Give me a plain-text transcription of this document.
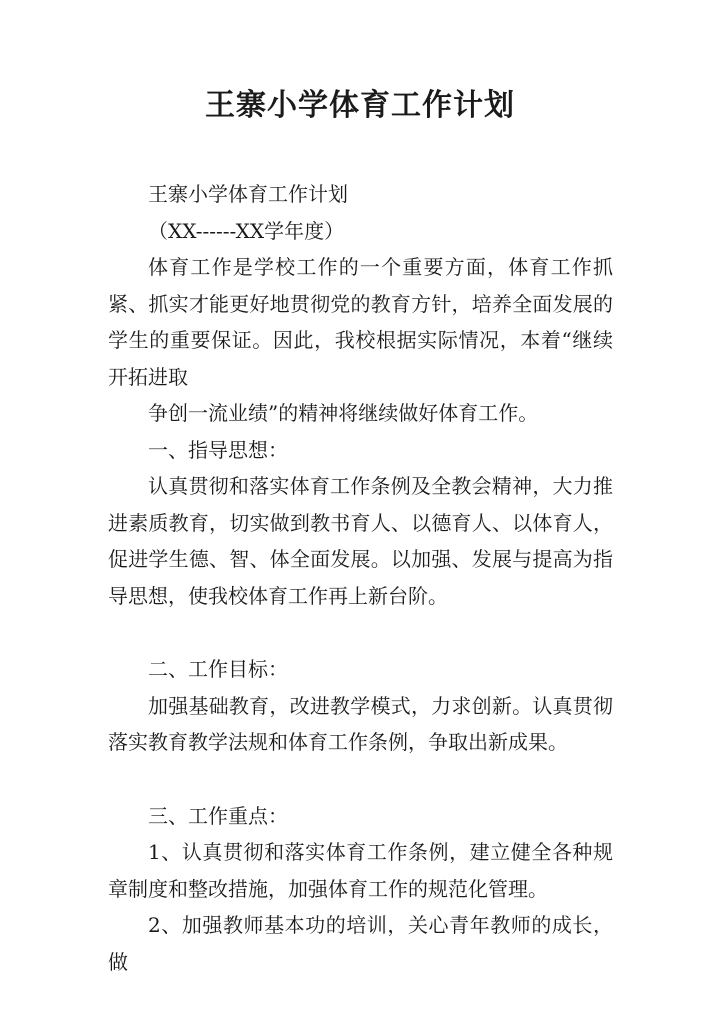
王寨小学体育工作计划

王寨小学体育工作计划

（XX------XX学年度）

体育工作是学校工作的一个重要方面，体育工作抓紧、抓实才能更好地贯彻党的教育方针，培养全面发展的学生的重要保证。因此，我校根据实际情况，本着“继续开拓进取

争创一流业绩”的精神将继续做好体育工作。

一、指导思想：

认真贯彻和落实体育工作条例及全教会精神，大力推进素质教育，切实做到教书育人、以德育人、以体育人，促进学生德、智、体全面发展。以加强、发展与提高为指导思想，使我校体育工作再上新台阶。

二、工作目标：

加强基础教育，改进教学模式，力求创新。认真贯彻落实教育教学法规和体育工作条例，争取出新成果。

三、工作重点：

1、认真贯彻和落实体育工作条例，建立健全各种规章制度和整改措施，加强体育工作的规范化管理。

2、加强教师基本功的培训，关心青年教师的成长，做
